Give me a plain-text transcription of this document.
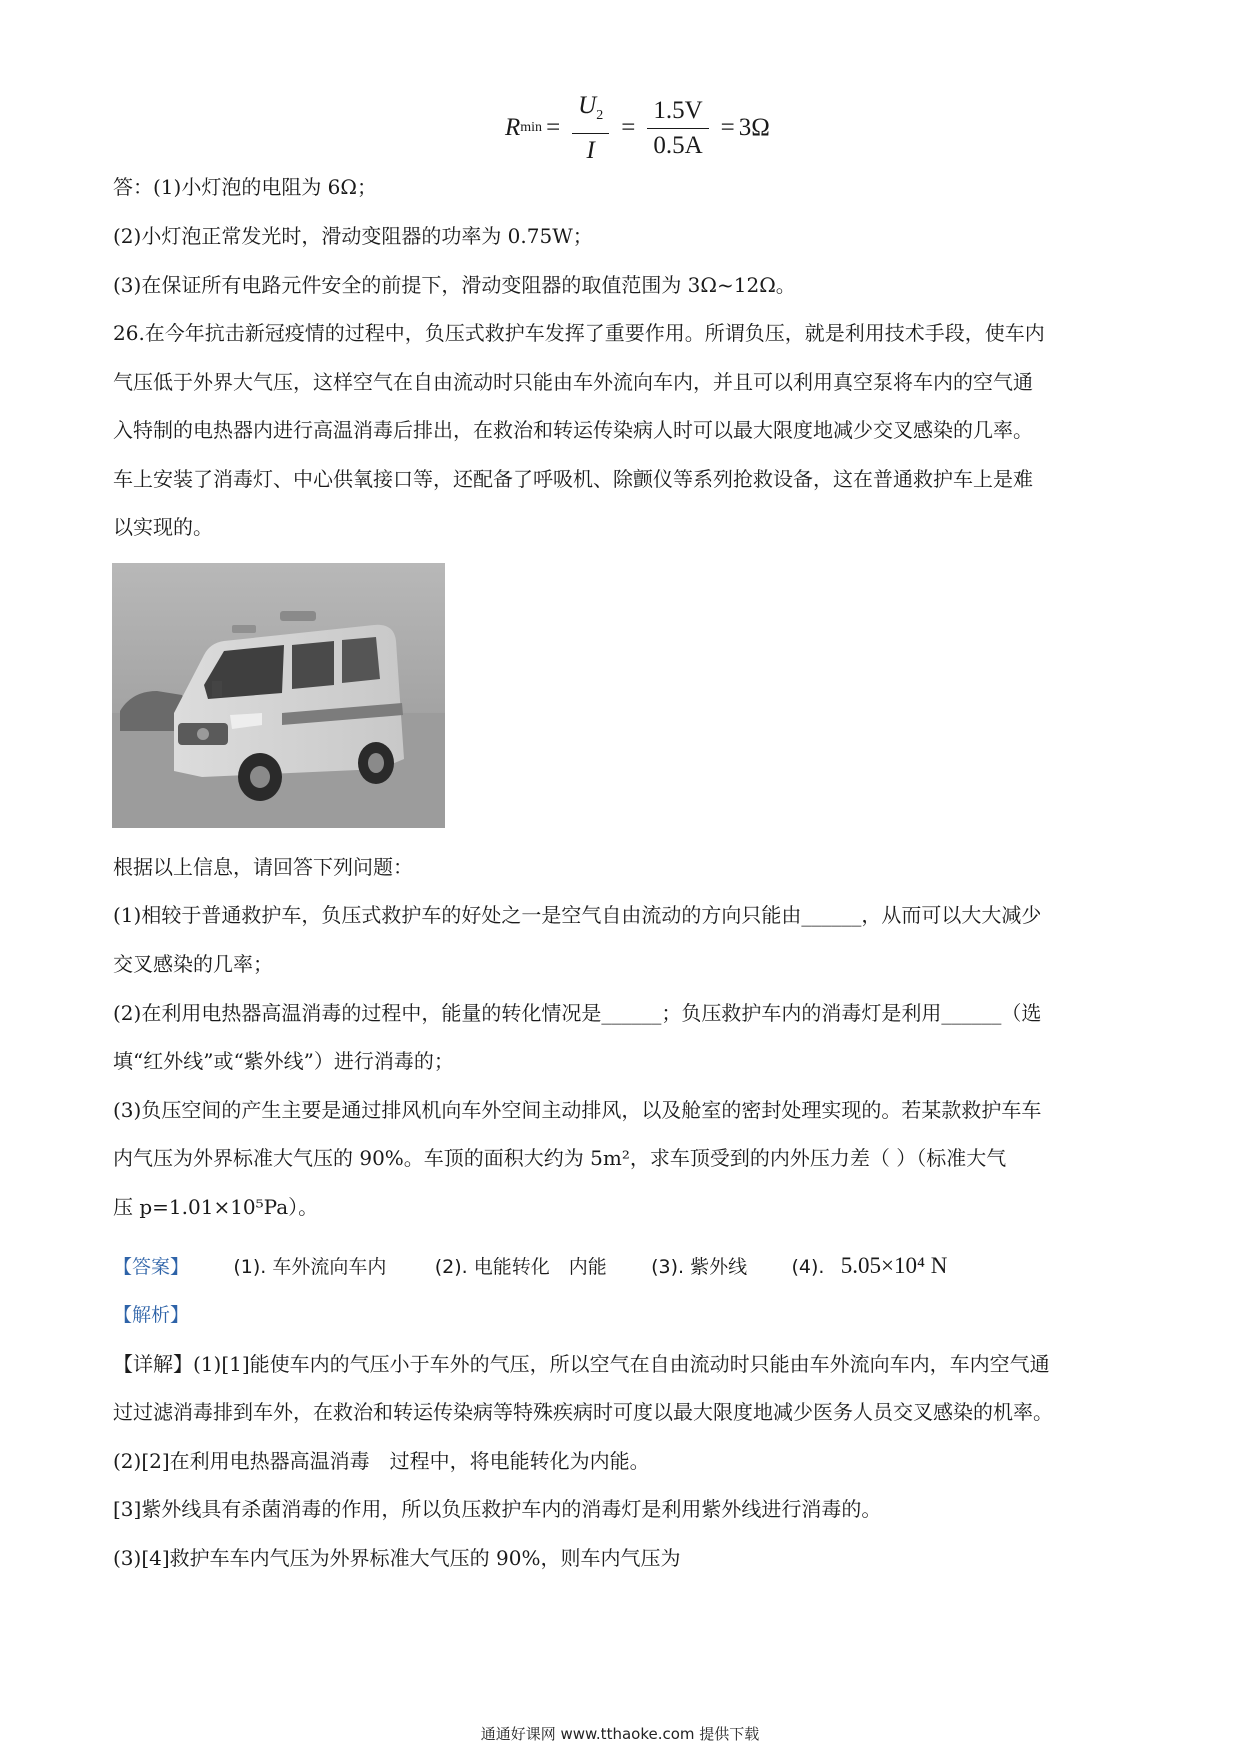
R $\min = \frac{U_2}{I} = \frac{1.5V}{0.5A} = 3\Omega$
答：(1)小灯泡的电阻为 6Ω；
(2)小灯泡正常发光时，滑动变阻器的功率为 0.75W；
(3)在保证所有电路元件安全的前提下，滑动变阻器的取值范围为 3Ω~12Ω。
26.在今年抗击新冠疫情的过程中，负压式救护车发挥了重要作用。所谓负压，就是利用技术手段，使车内
气压低于外界大气压，这样空气在自由流动时只能由车外流向车内，并且可以利用真空泵将车内的空气通
入特制的电热器内进行高温消毒后排出，在救治和转运传染病人时可以最大限度地减少交叉感染的几率。
车上安装了消毒灯、中心供氧接口等，还配备了呼吸机、除颤仪等系列抢救设备，这在普通救护车上是难
以实现的。
根据以上信息，请回答下列问题：
(1)相较于普通救护车，负压式救护车的好处之一是空气自由流动的方向只能由______，从而可以大大减少
交叉感染的几率；
(2)在利用电热器高温消毒的过程中，能量的转化情况是______；负压救护车内的消毒灯是利用______（选
填“红外线”或“紫外线”）进行消毒的；
(3)负压空间的产生主要是通过排风机向车外空间主动排风，以及舱室的密封处理实现的。若某款救护车车
内气压为外界标准大气压的 90%。车顶的面积大约为 5m²，求车顶受到的内外压力差（ ）（标准大气
压 p=1.01×10⁵Pa）。
【答案】 (1). 车外流向车内	(2). 电能转化　内能 (3). 紫外线 (4). 5.05×10⁴ N
【解析】
【详解】(1)[1]能使车内的气压小于车外的气压，所以空气在自由流动时只能由车外流向车内，车内空气通
过过滤消毒排到车外，在救治和转运传染病等特殊疾病时可度以最大限度地减少医务人员交叉感染的机率。
(2)[2]在利用电热器高温消毒　过程中，将电能转化为内能。
[3]紫外线具有杀菌消毒的作用，所以负压救护车内的消毒灯是利用紫外线进行消毒的。
(3)[4]救护车车内气压为外界标准大气压的 90%，则车内气压为
通通好课网 www.tthaoke.com 提供下载
